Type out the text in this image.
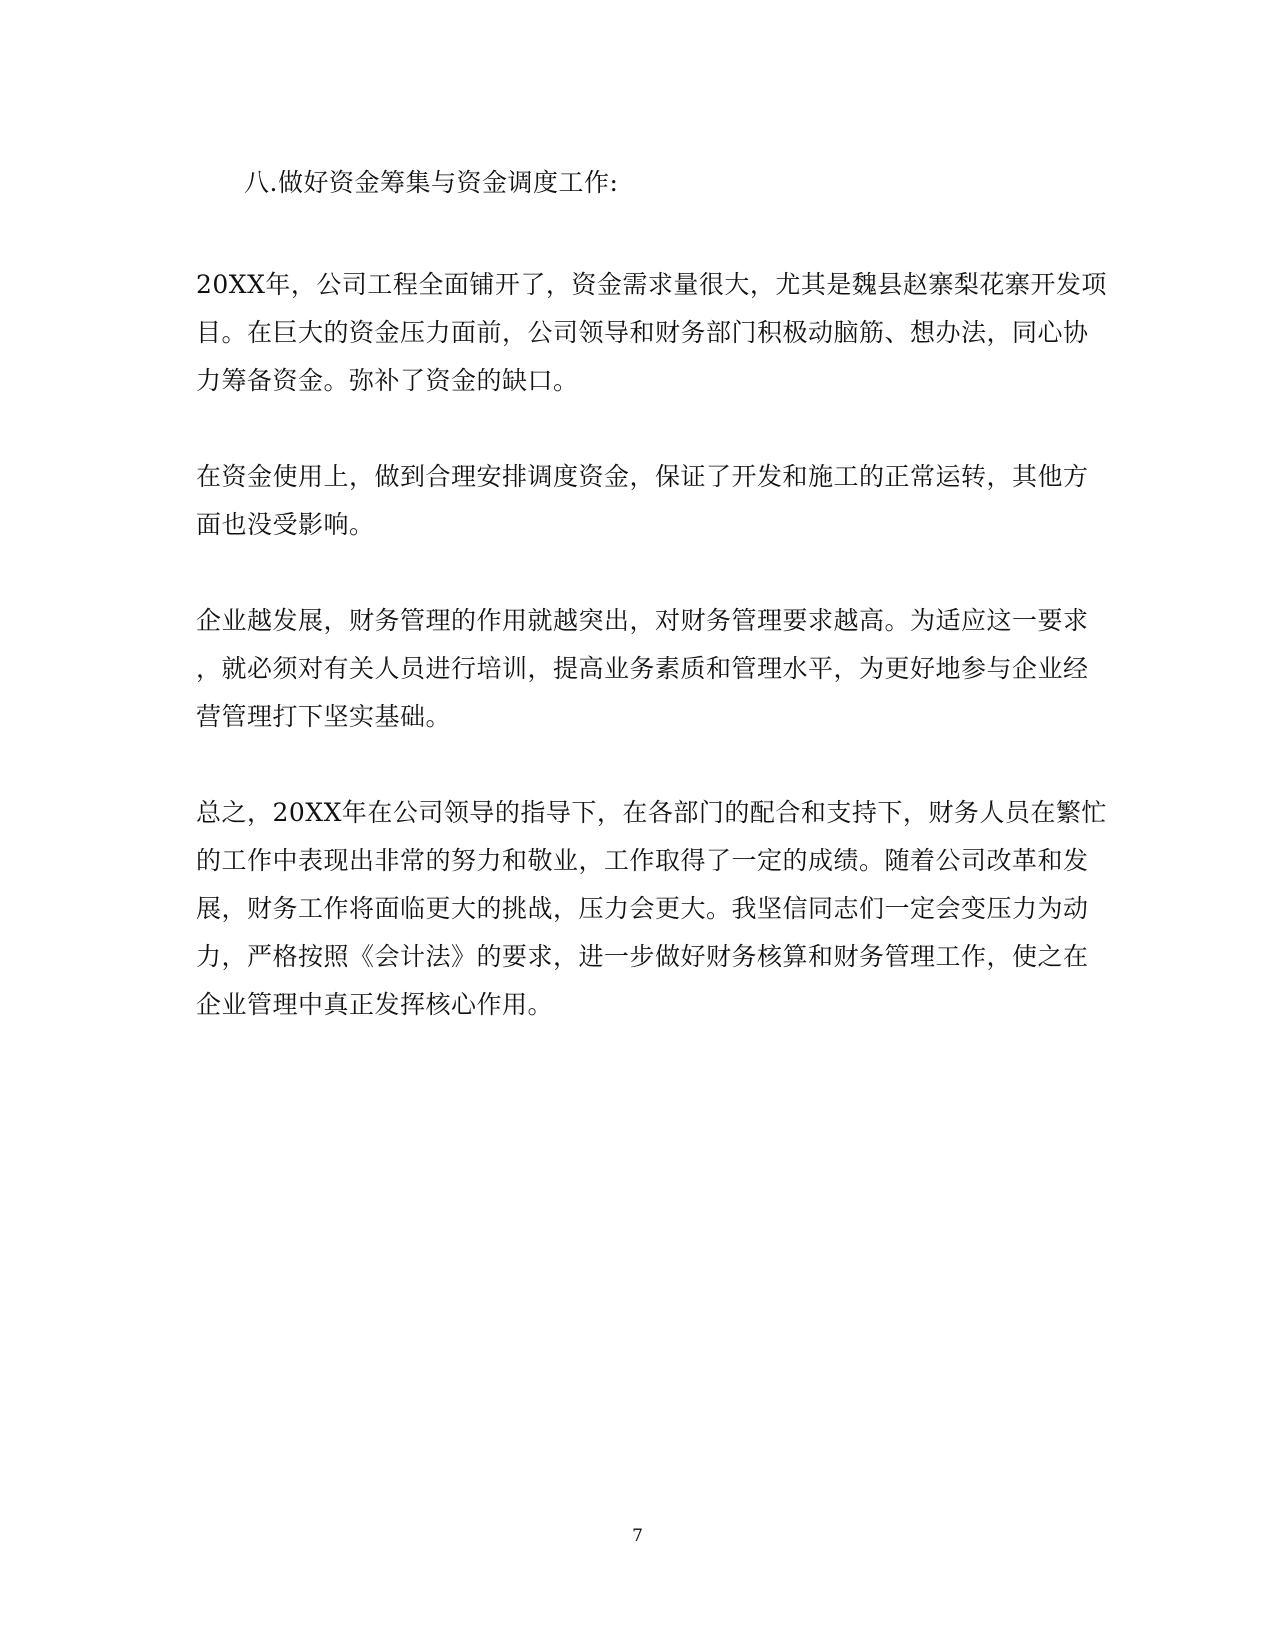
八.做好资金筹集与资金调度工作:
20XX年，公司工程全面铺开了，资金需求量很大，尤其是魏县赵寨梨花寨开发项
目。在巨大的资金压力面前，公司领导和财务部门积极动脑筋、想办法，同心协
力筹备资金。弥补了资金的缺口。
在资金使用上，做到合理安排调度资金，保证了开发和施工的正常运转，其他方
面也没受影响。
企业越发展，财务管理的作用就越突出，对财务管理要求越高。为适应这一要求
，就必须对有关人员进行培训，提高业务素质和管理水平，为更好地参与企业经
营管理打下坚实基础。
总之，20XX年在公司领导的指导下，在各部门的配合和支持下，财务人员在繁忙
的工作中表现出非常的努力和敬业，工作取得了一定的成绩。随着公司改革和发
展，财务工作将面临更大的挑战，压力会更大。我坚信同志们一定会变压力为动
力，严格按照《会计法》的要求，进一步做好财务核算和财务管理工作，使之在
企业管理中真正发挥核心作用。
7
